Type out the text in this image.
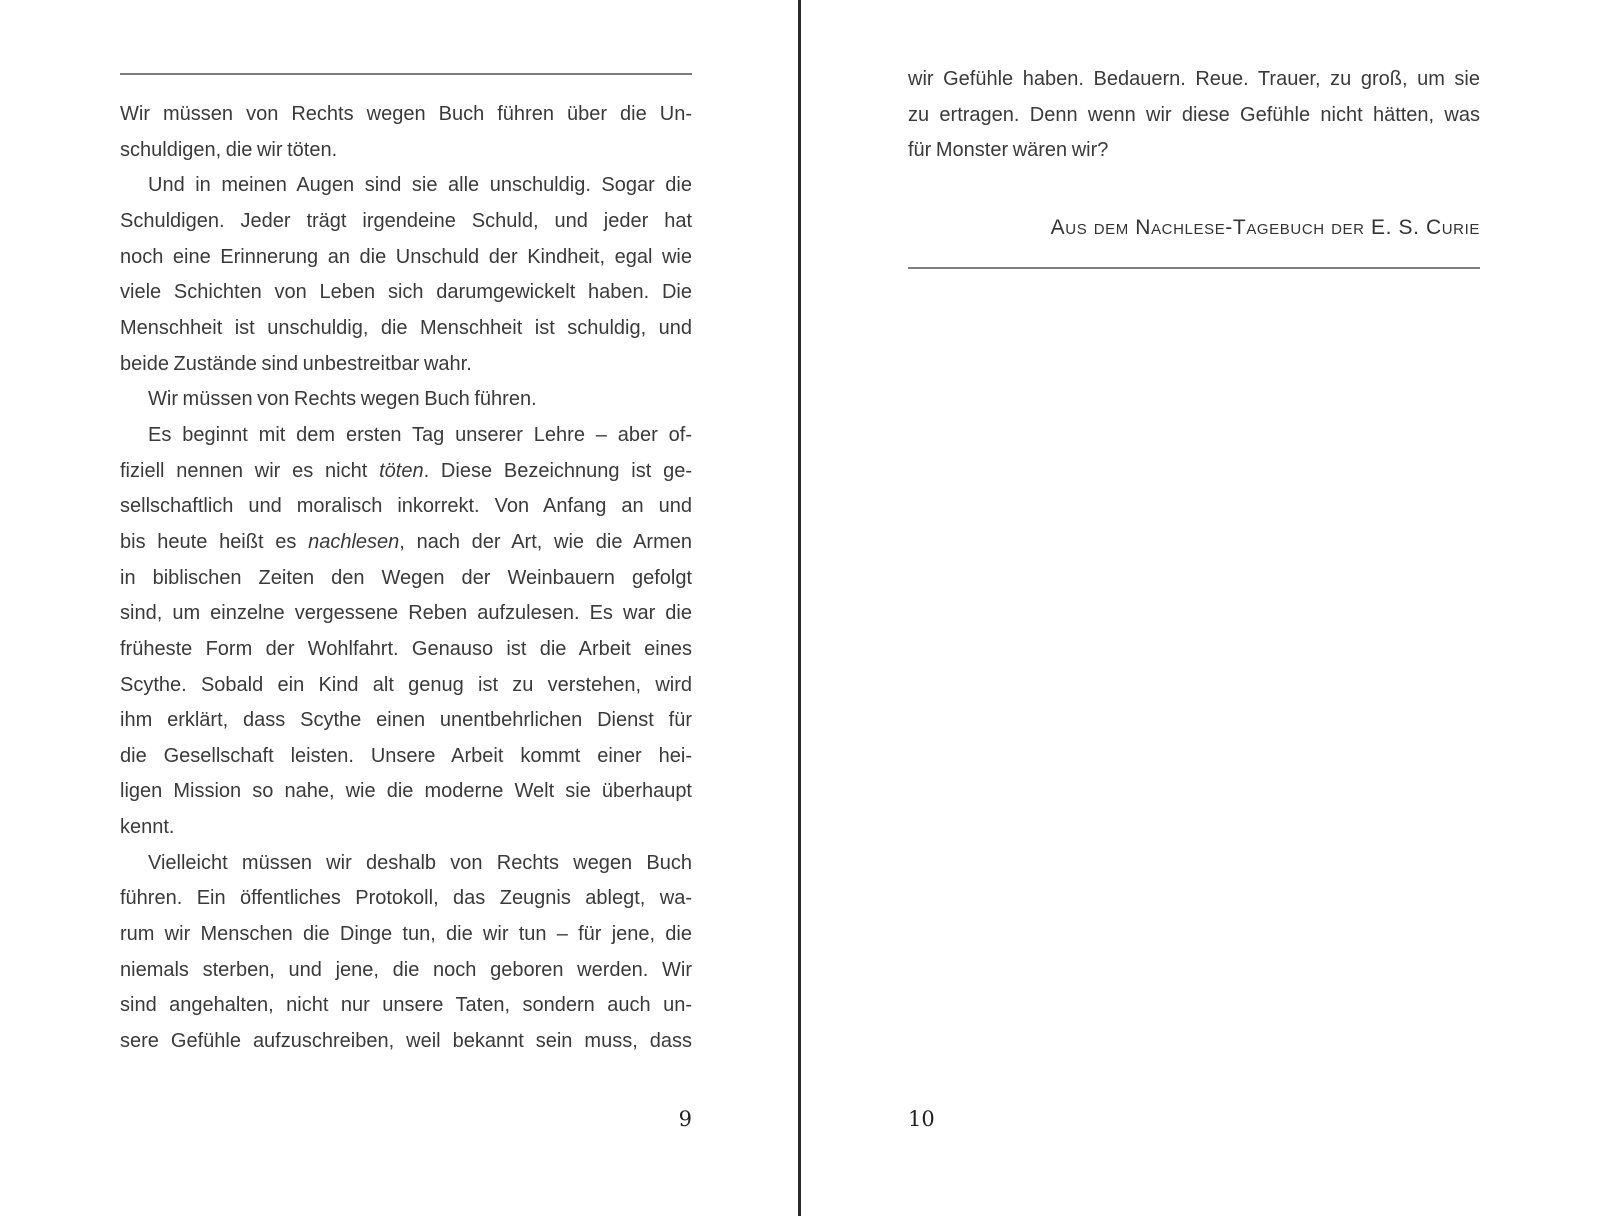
Wir müssen von Rechts wegen Buch führen über die Un-
schuldigen, die wir töten.
Und in meinen Augen sind sie alle unschuldig. Sogar die
Schuldigen. Jeder trägt irgendeine Schuld, und jeder hat
noch eine Erinnerung an die Unschuld der Kindheit, egal wie
viele Schichten von Leben sich darumgewickelt haben. Die
Menschheit ist unschuldig, die Menschheit ist schuldig, und
beide Zustände sind unbestreitbar wahr.
Wir müssen von Rechts wegen Buch führen.
Es beginnt mit dem ersten Tag unserer Lehre – aber of-
fiziell nennen wir es nicht töten. Diese Bezeichnung ist ge-
sellschaftlich und moralisch inkorrekt. Von Anfang an und
bis heute heißt es nachlesen, nach der Art, wie die Armen
in biblischen Zeiten den Wegen der Weinbauern gefolgt
sind, um einzelne vergessene Reben aufzulesen. Es war die
früheste Form der Wohlfahrt. Genauso ist die Arbeit eines
Scythe. Sobald ein Kind alt genug ist zu verstehen, wird
ihm erklärt, dass Scythe einen unentbehrlichen Dienst für
die Gesellschaft leisten. Unsere Arbeit kommt einer hei-
ligen Mission so nahe, wie die moderne Welt sie überhaupt
kennt.
Vielleicht müssen wir deshalb von Rechts wegen Buch
führen. Ein öffentliches Protokoll, das Zeugnis ablegt, wa-
rum wir Menschen die Dinge tun, die wir tun – für jene, die
niemals sterben, und jene, die noch geboren werden. Wir
sind angehalten, nicht nur unsere Taten, sondern auch un-
sere Gefühle aufzuschreiben, weil bekannt sein muss, dass
9
wir Gefühle haben. Bedauern. Reue. Trauer, zu groß, um sie
zu ertragen. Denn wenn wir diese Gefühle nicht hätten, was
für Monster wären wir?
Aus dem Nachlese-Tagebuch der E. S. Curie
10
